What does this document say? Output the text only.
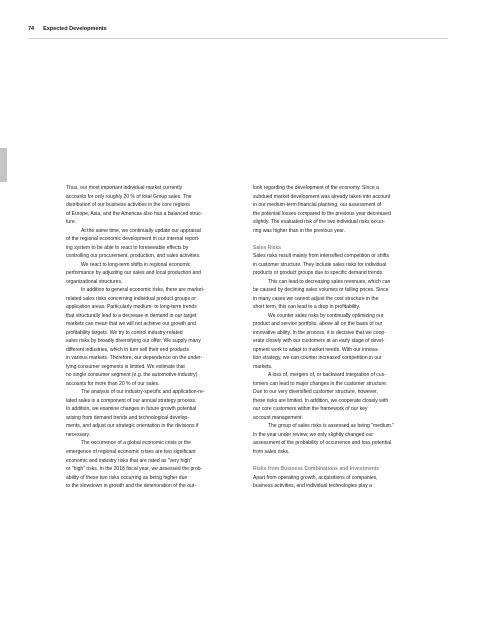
74 Expected Developments

Thus, our most important individual market currently
accounts for only roughly 20 % of total Group sales. The
distribution of our business activities in the core regions
of Europe, Asia, and the Americas also has a balanced struc-
ture.

At the same time, we continually update our appraisal
of the regional economic development in our internal report-
ing system to be able to react to foreseeable effects by
controlling our procurement, production, and sales activities.

We react to long-term shifts in regional economic
performance by adjusting our sales and local production and
organizational structures.

In addition to general economic risks, there are market-
related sales risks concerning individual product groups or
application areas. Particularly medium- to long-term trends
that structurally lead to a decrease in demand in our target
markets can mean that we will not achieve our growth and
profitability targets. We try to control industry-related
sales risks by broadly diversifying our offer. We supply many
different industries, which in turn sell their end products
in various markets. Therefore, our dependence on the under-
lying consumer segments is limited. We estimate that
no single consumer segment (e.g. the automotive industry)
accounts for more than 20 % of our sales.

The analysis of our industry-specific and application-re-
lated sales is a component of our annual strategy process.
In addition, we examine changes in future growth potential
arising from demand trends and technological develop-
ments, and adjust our strategic orientation in the divisions if
necessary.

The occurrence of a global economic crisis or the
emergence of regional economic crises are two significant
economic and industry risks that are rated as "very high"
or "high" risks. In the 2018 fiscal year, we assessed the prob-
ability of these two risks occurring as being higher due
to the slowdown in growth and the deterioration of the out-

look regarding the development of the economy. Since a
subdued market development was already taken into account
in our medium-term financial planning, our assessment of
the potential losses compared to the previous year decreased
slightly. The evaluated risk of the two individual risks occur-
ring was higher than in the previous year.

Sales Risks

Sales risks result mainly from intensified competition or shifts
in customer structure. They include sales risks for individual
products or product groups due to specific demand trends.

This can lead to decreasing sales revenues, which can
be caused by declining sales volumes or falling prices. Since
in many cases we cannot adjust the cost structure in the
short term, this can lead to a drop in profitability.

We counter sales risks by continually optimizing our
product and service portfolio, above all on the basis of our
innovative ability. In the process, it is decisive that we coop-
erate closely with our customers at an early stage of devel-
opment work to adapt to market needs. With our innova-
tion strategy, we can counter increased competition in our
markets.

A loss of, mergers of, or backward integration of cus-
tomers can lead to major changes in the customer structure.
Due to our very diversified customer structure, however,
these risks are limited. In addition, we cooperate closely with
our core customers within the framework of our key
account management.

The group of sales risks is assessed as being "medium."
In the year under review, we only slightly changed our
assessment of the probability of occurrence and loss potential
from sales risks.

Risks from Business Combinations and Investments

Apart from operating growth, acquisitions of companies,
business activities, and individual technologies play a
